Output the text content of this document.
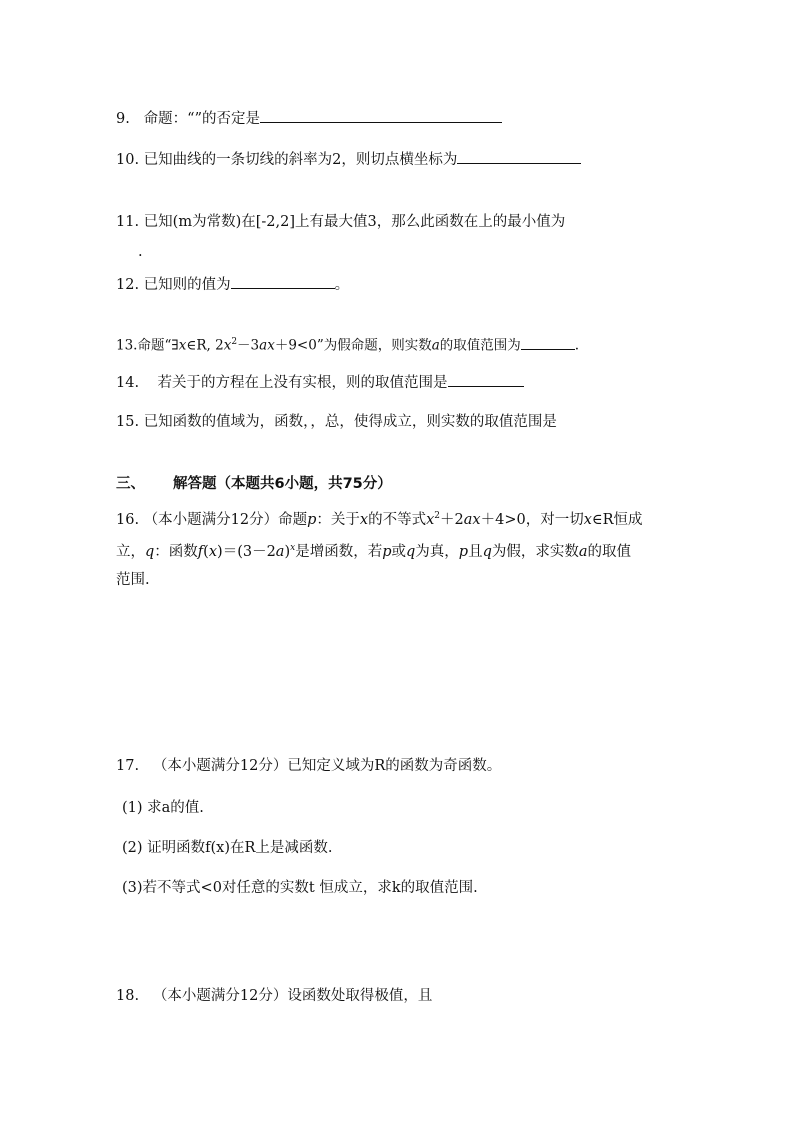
9. 命题：“”的否定是
10. 已知曲线的一条切线的斜率为2，则切点横坐标为
11. 已知(m为常数)在[-2,2]上有最大值3，那么此函数在上的最小值为
.
12. 已知则的值为	。
13.命题“∃x∈R, $2x^2-3ax+9<0$”为假命题，则实数a的取值范围为	.
14. 若关于的方程在上没有实根，则的取值范围是
15. 已知函数的值域为，函数，，总，使得成立，则实数的取值范围是
三、 解答题（本题共6小题，共75分）
16. （本小题满分12分）命题p：关于x的不等式$x^2+2ax+4>0$，对一切x∈R恒成
立，q：函数$f(x)=(3-2a)^x$是增函数，若p或q为真，p且q为假，求实数a的取值
范围.
17. （本小题满分12分）已知定义域为R的函数为奇函数。
(1) 求a的值.
(2) 证明函数f(x)在R上是减函数.
(3)若不等式<0对任意的实数t 恒成立，求k的取值范围.
18. （本小题满分12分）设函数处取得极值，且
